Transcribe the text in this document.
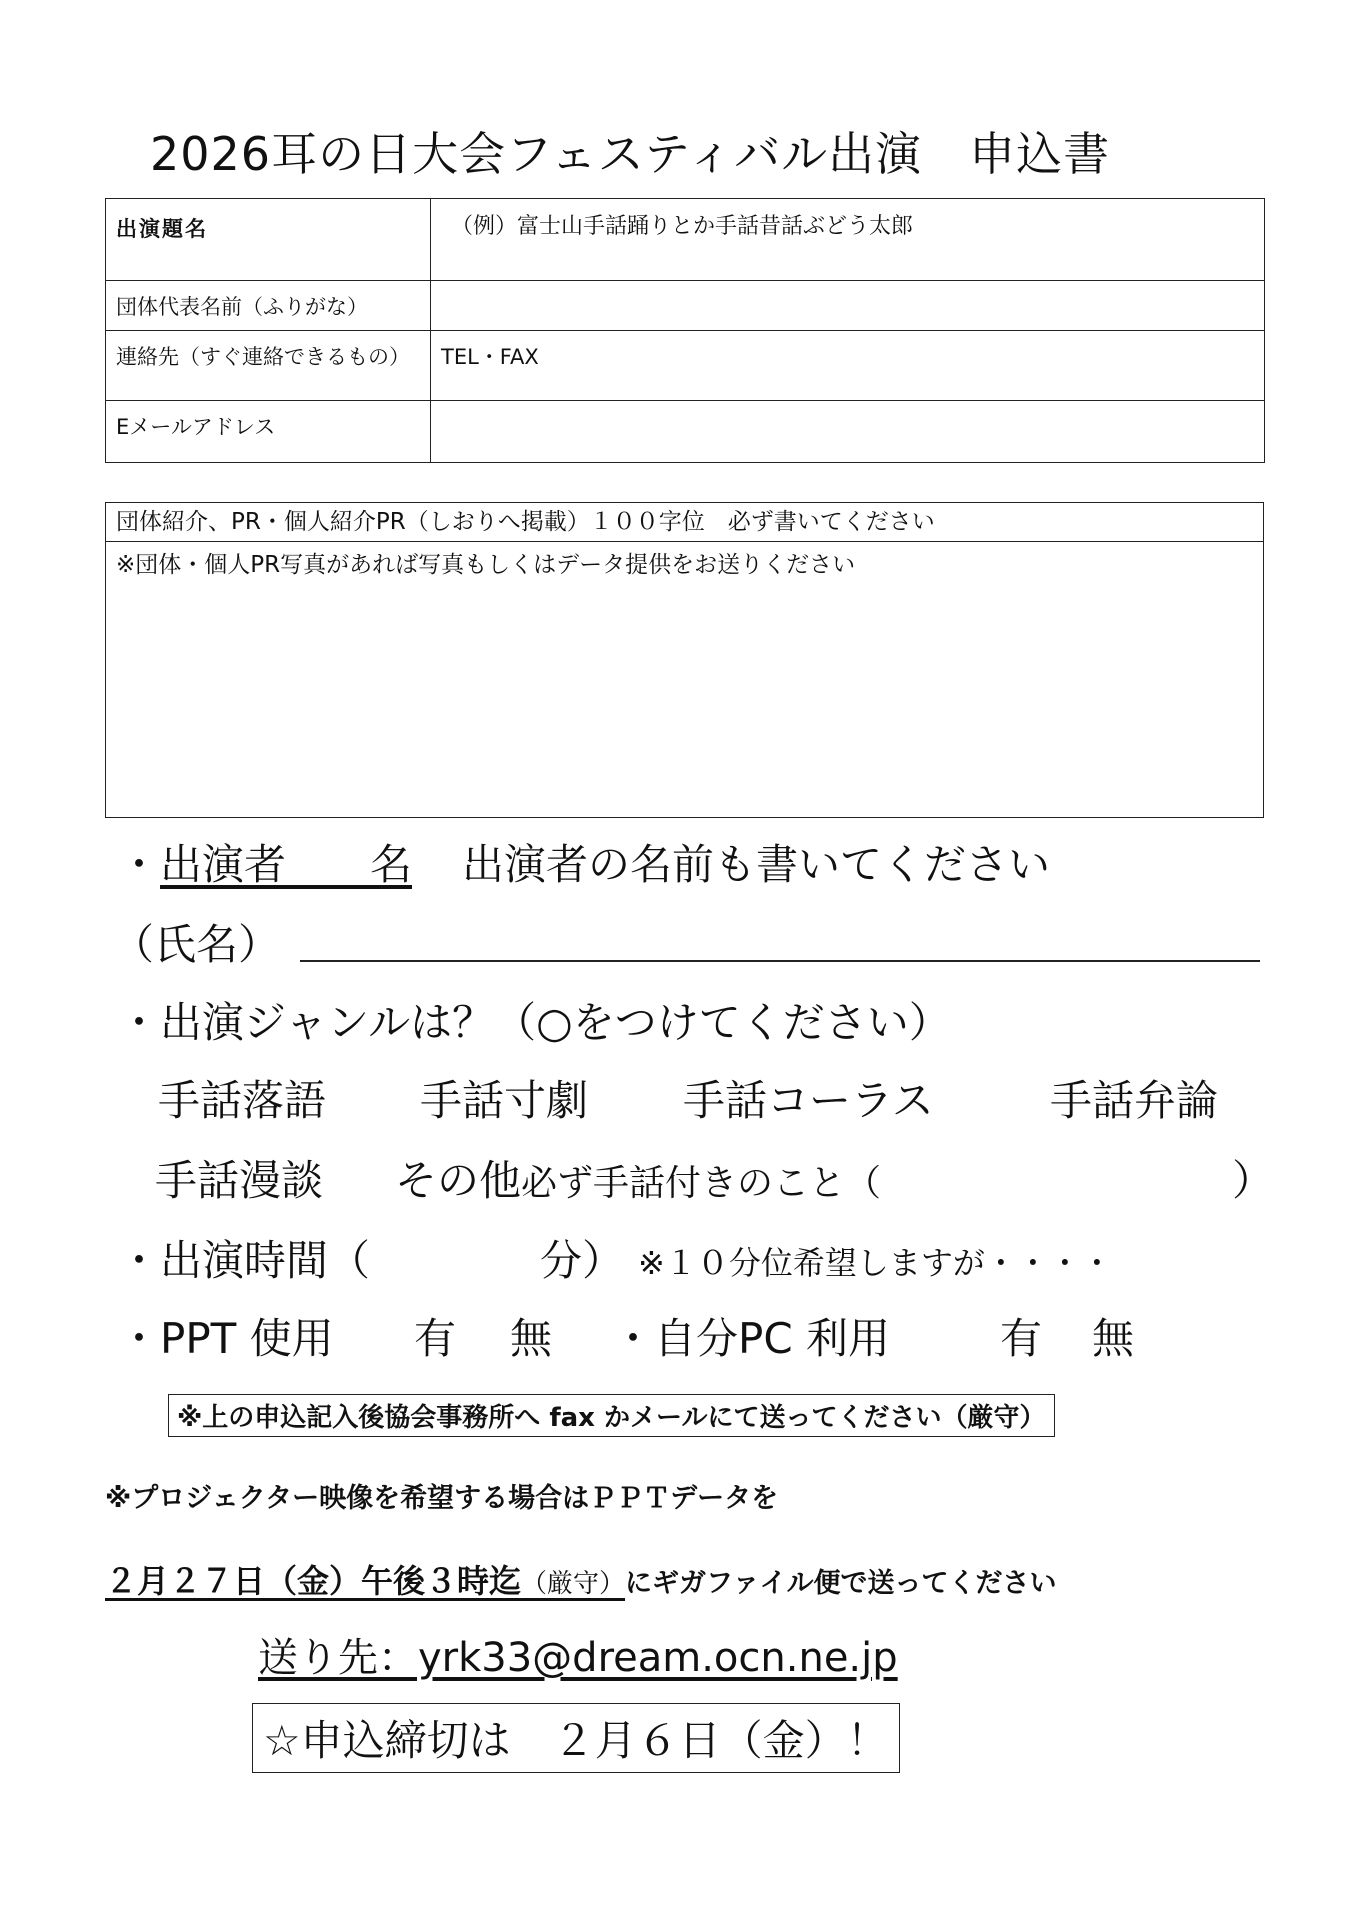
2026耳の日大会フェスティバル出演　申込書
出演題名	（例）富士山手話踊りとか手話昔話ぶどう太郎
団体代表名前（ふりがな）	
連絡先（すぐ連絡できるもの）	TEL・FAX
Eメールアドレス	
団体紹介、PR・個人紹介PR（しおりへ掲載）１００字位　必ず書いてください
※団体・個人PR写真があれば写真もしくはデータ提供をお送りください
・出演者　　名 出演者の名前も書いてください
（氏名）
・出演ジャンルは？（○をつけてください）
手話落語 手話寸劇 手話コーラス	手話弁論
手話漫談 その他必ず手話付きのこと（	）
・出演時間（	分） ※１０分位希望しますが・・・・
・PPT 使用 有 無 ・自分PC 利用	有 無
※上の申込記入後協会事務所へ fax かメールにて送ってください（厳守）
※プロジェクター映像を希望する場合はＰＰＴデータを
２月２７日（金）午後３時迄（厳守）にギガファイル便で送ってください
送り先：yrk33@dream.ocn.ne.jp
☆申込締切は　２月６日（金）！
